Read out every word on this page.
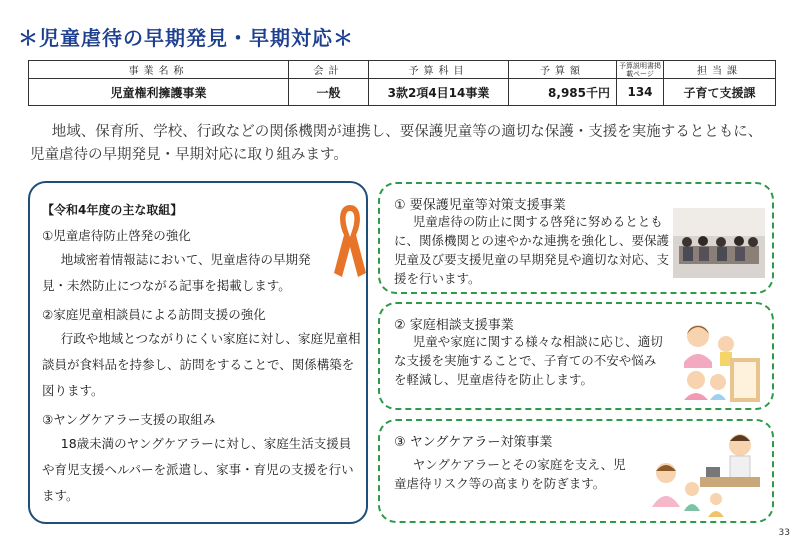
＊児童虐待の早期発見・早期対応＊
事業名称	会計	予算科目	予算額	予算説明書掲載ページ	担当課
児童権利擁護事業	一般	3款2項4目14事業	8,985千円	134	子育て支援課
地域、保育所、学校、行政などの関係機関が連携し、要保護児童等の適切な保護・支援を実施するとともに、児童虐待の早期発見・早期対応に取り組みます。
【令和4年度の主な取組】
①児童虐待防止啓発の強化
地域密着情報誌において、児童虐待の早期発見・未然防止につながる記事を掲載します。
②家庭児童相談員による訪問支援の強化
行政や地域とつながりにくい家庭に対し、家庭児童相談員が食料品を持参し、訪問をすることで、関係構築を図ります。
③ヤングケアラー支援の取組み
18歳未満のヤングケアラーに対し、家庭生活支援員や育児支援ヘルパーを派遣し、家事・育児の支援を行います。
① 要保護児童等対策支援事業
児童虐待の防止に関する啓発に努めるとともに、関係機関との速やかな連携を強化し、要保護児童及び要支援児童の早期発見や適切な対応、支援を行います。
② 家庭相談支援事業
児童や家庭に関する様々な相談に応じ、適切な支援を実施することで、子育ての不安や悩みを軽減し、児童虐待を防止します。
③ ヤングケアラー対策事業
ヤングケアラーとその家庭を支え、児童虐待リスク等の高まりを防ぎます。
33
